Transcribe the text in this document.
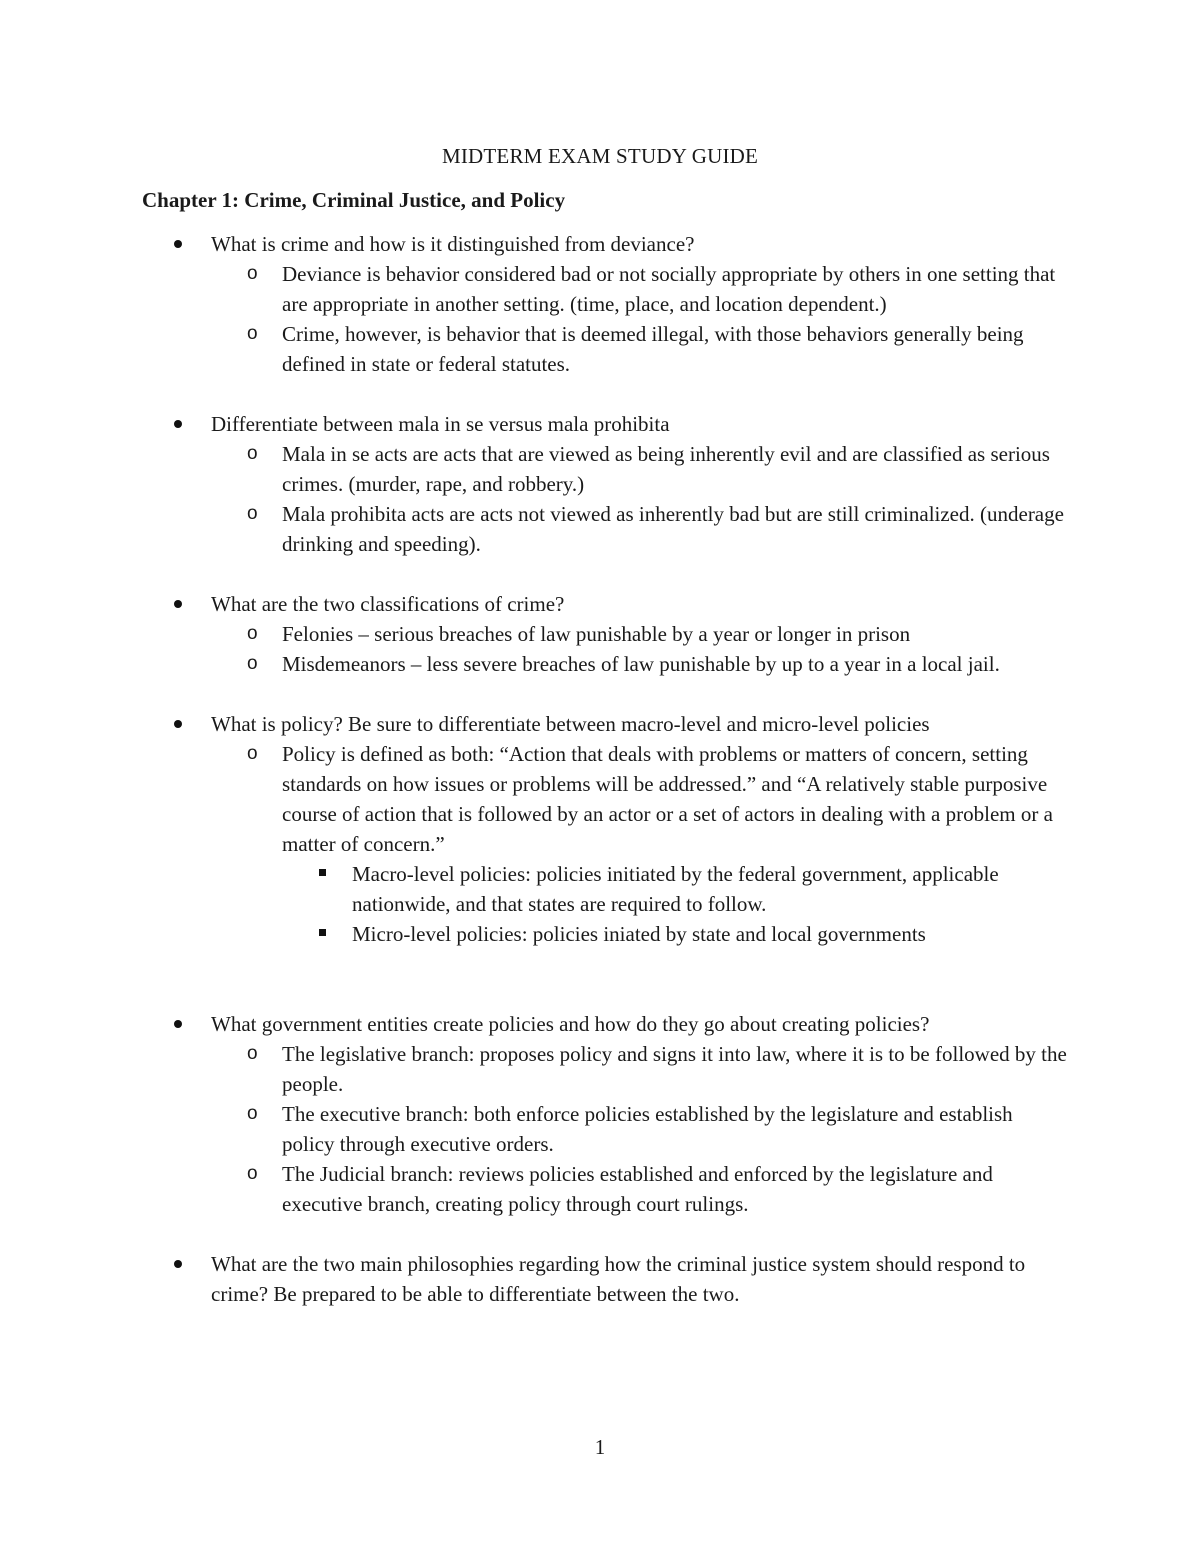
MIDTERM EXAM STUDY GUIDE
Chapter 1: Crime, Criminal Justice, and Policy
What is crime and how is it distinguished from deviance?
o	Deviance is behavior considered bad or not socially appropriate by others in one setting that are appropriate in another setting. (time, place, and location dependent.)
o	Crime, however, is behavior that is deemed illegal, with those behaviors generally being defined in state or federal statutes.
Differentiate between mala in se versus mala prohibita
o	Mala in se acts are acts that are viewed as being inherently evil and are classified as serious crimes. (murder, rape, and robbery.)
o	Mala prohibita acts are acts not viewed as inherently bad but are still criminalized. (underage drinking and speeding).
What are the two classifications of crime?
o	Felonies – serious breaches of law punishable by a year or longer in prison
o	Misdemeanors – less severe breaches of law punishable by up to a year in a local jail.
What is policy? Be sure to differentiate between macro-level and micro-level policies
o	Policy is defined as both: “Action that deals with problems or matters of concern, setting standards on how issues or problems will be addressed.” and “A relatively stable purposive course of action that is followed by an actor or a set of actors in dealing with a problem or a matter of concern.”
Macro-level policies: policies initiated by the federal government, applicable nationwide, and that states are required to follow.
Micro-level policies: policies iniated by state and local governments
What government entities create policies and how do they go about creating policies?
o	The legislative branch: proposes policy and signs it into law, where it is to be followed by the people.
o	The executive branch: both enforce policies established by the legislature and establish policy through executive orders.
o	The Judicial branch: reviews policies established and enforced by the legislature and executive branch, creating policy through court rulings.
What are the two main philosophies regarding how the criminal justice system should respond to crime? Be prepared to be able to differentiate between the two.
1
